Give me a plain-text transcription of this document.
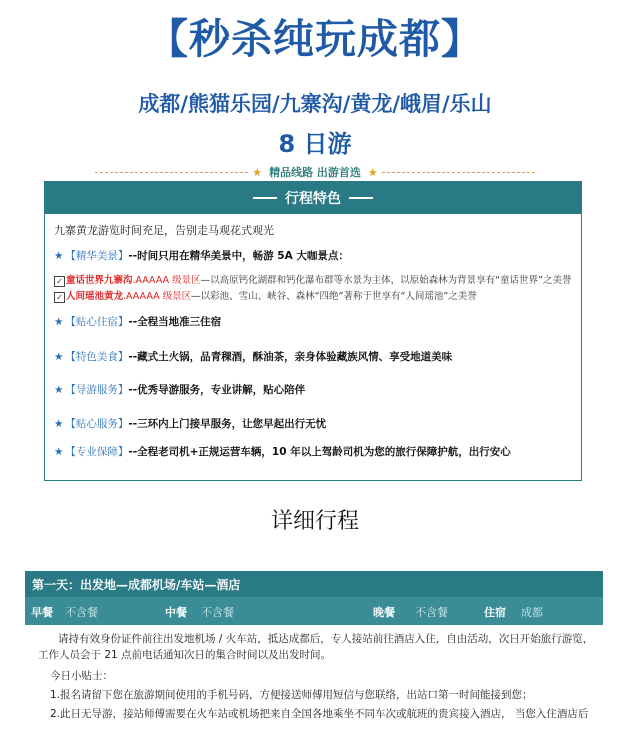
【秒杀纯玩成都】
成都/熊猫乐园/九寨沟/黄龙/峨眉/乐山
8 日游
★ 精品线路 出游首选 ★
行程特色
九寨黄龙游览时间充足，告别走马观花式观光
★ 【精华美景】--时间只用在精华美景中，畅游 5A 大咖景点：
✓ 童话世界九寨沟.AAAAA 级景区—以高原钙化湖群和钙化瀑布群等水景为主体，以原始森林为背景享有“童话世界”之美誉
✓ 人间瑶池黄龙.AAAAA 级景区—以彩池、雪山、峡谷、森林“四绝”著称于世享有“人间瑶池”之美誉
★ 【贴心住宿】--全程当地准三住宿
★ 【特色美食】--藏式土火锅，品青稞酒，酥油茶，亲身体验藏族风情、享受地道美味
★ 【导游服务】--优秀导游服务，专业讲解，贴心陪伴
★ 【贴心服务】--三环内上门接早服务，让您早起出行无忧
★ 【专业保障】--全程老司机+正规运营车辆，10 年以上驾龄司机为您的旅行保障护航，出行安心
详细行程
第一天：出发地—成都机场/车站—酒店
早餐 不含餐	中餐 不含餐	晚餐 不含餐	住宿 成都
请持有效身份证件前往出发地机场 / 火车站，抵达成都后，专人接站前往酒店入住，自由活动，次日开始旅行游览，
工作人员会于 21 点前电话通知次日的集合时间以及出发时间。
今日小贴士：
1.报名请留下您在旅游期间使用的手机号码，方便接送师傅用短信与您联络，出站口第一时间能接到您；
2.此日无导游，接站师傅需要在火车站或机场把来自全国各地乘坐不同车次或航班的贵宾接入酒店， 当您入住酒店后
